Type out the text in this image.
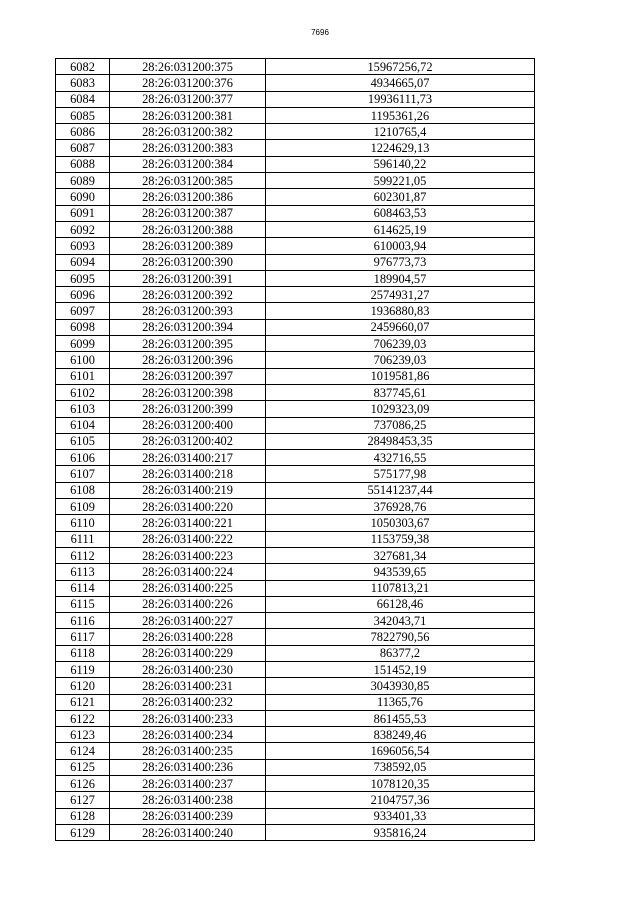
7696
6082	28:26:031200:375	15967256,72
6083	28:26:031200:376	4934665,07
6084	28:26:031200:377	19936111,73
6085	28:26:031200:381	1195361,26
6086	28:26:031200:382	1210765,4
6087	28:26:031200:383	1224629,13
6088	28:26:031200:384	596140,22
6089	28:26:031200:385	599221,05
6090	28:26:031200:386	602301,87
6091	28:26:031200:387	608463,53
6092	28:26:031200:388	614625,19
6093	28:26:031200:389	610003,94
6094	28:26:031200:390	976773,73
6095	28:26:031200:391	189904,57
6096	28:26:031200:392	2574931,27
6097	28:26:031200:393	1936880,83
6098	28:26:031200:394	2459660,07
6099	28:26:031200:395	706239,03
6100	28:26:031200:396	706239,03
6101	28:26:031200:397	1019581,86
6102	28:26:031200:398	837745,61
6103	28:26:031200:399	1029323,09
6104	28:26:031200:400	737086,25
6105	28:26:031200:402	28498453,35
6106	28:26:031400:217	432716,55
6107	28:26:031400:218	575177,98
6108	28:26:031400:219	55141237,44
6109	28:26:031400:220	376928,76
6110	28:26:031400:221	1050303,67
6111	28:26:031400:222	1153759,38
6112	28:26:031400:223	327681,34
6113	28:26:031400:224	943539,65
6114	28:26:031400:225	1107813,21
6115	28:26:031400:226	66128,46
6116	28:26:031400:227	342043,71
6117	28:26:031400:228	7822790,56
6118	28:26:031400:229	86377,2
6119	28:26:031400:230	151452,19
6120	28:26:031400:231	3043930,85
6121	28:26:031400:232	11365,76
6122	28:26:031400:233	861455,53
6123	28:26:031400:234	838249,46
6124	28:26:031400:235	1696056,54
6125	28:26:031400:236	738592,05
6126	28:26:031400:237	1078120,35
6127	28:26:031400:238	2104757,36
6128	28:26:031400:239	933401,33
6129	28:26:031400:240	935816,24
